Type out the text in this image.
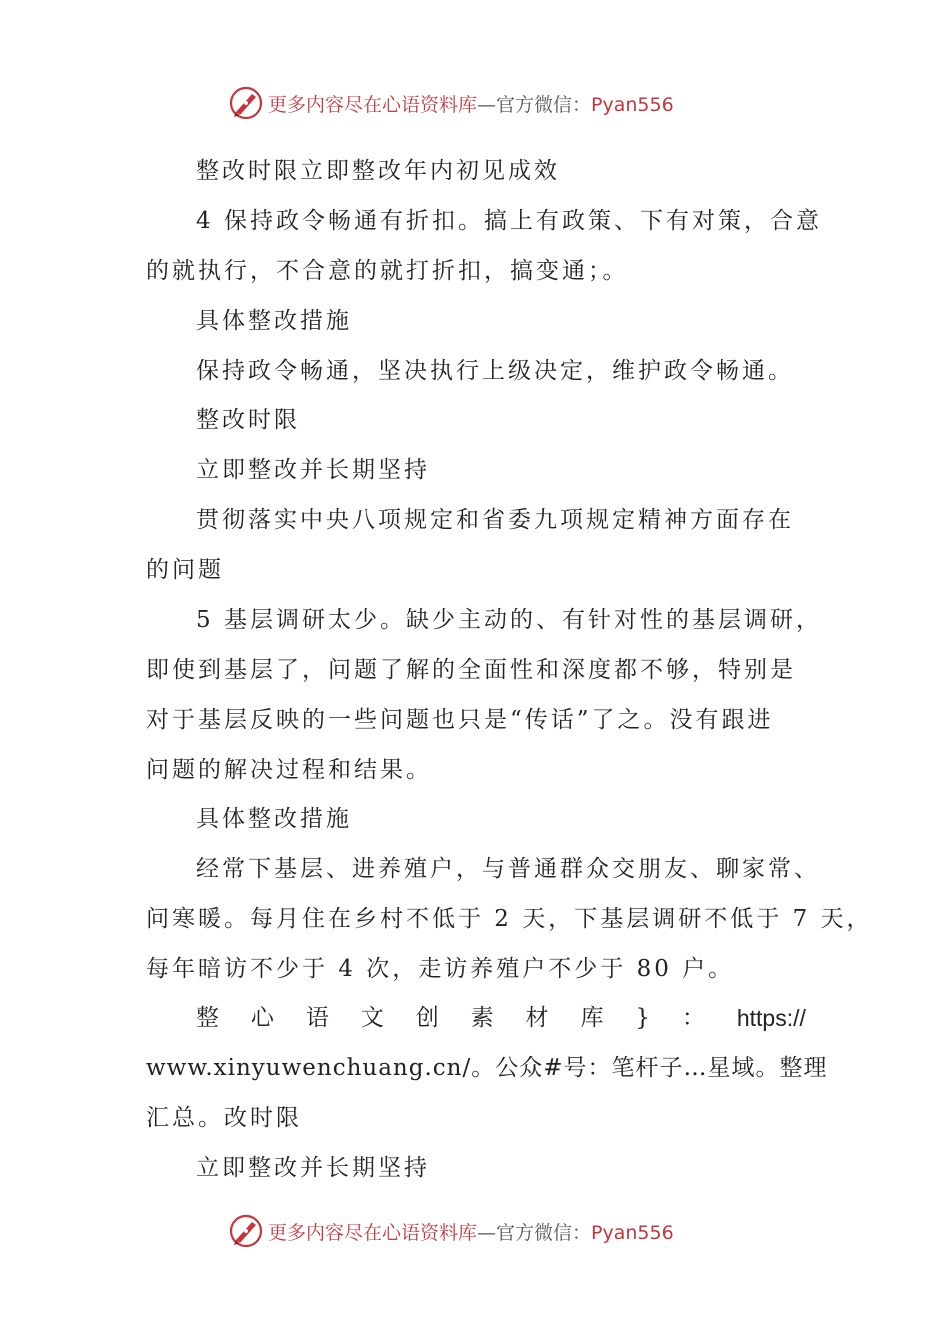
更多内容尽在心语资料库—官方微信：Pyan556
整改时限立即整改年内初见成效
4 保持政令畅通有折扣。搞上有政策、下有对策，合意
的就执行，不合意的就打折扣，搞变通；。
具体整改措施
保持政令畅通，坚决执行上级决定，维护政令畅通。
整改时限
立即整改并长期坚持
贯彻落实中央八项规定和省委九项规定精神方面存在
的问题
5 基层调研太少。缺少主动的、有针对性的基层调研，
即使到基层了，问题了解的全面性和深度都不够，特别是
对于基层反映的一些问题也只是“传话”了之。没有跟进
问题的解决过程和结果。
具体整改措施
经常下基层、进养殖户，与普通群众交朋友、聊家常、
问寒暖。每月住在乡村不低于 2 天，下基层调研不低于 7 天，
每年暗访不少于 4 次，走访养殖户不少于 80 户。
整 心 语 文 创 素 材 库 } ： https://
www.xinyuwenchuang.cn/。公众#号：笔杆子…星域。整理
汇总。改时限
立即整改并长期坚持
更多内容尽在心语资料库—官方微信：Pyan556
